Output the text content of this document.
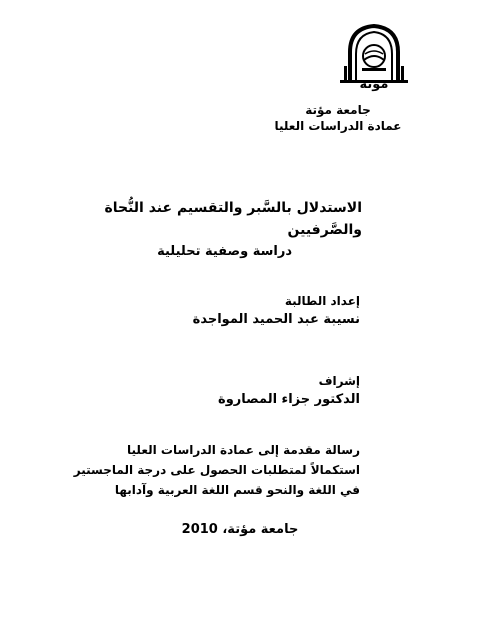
مؤتة
جامعة مؤتة
عمادة الدراسات العليا
الاستدلال بالسَّبر والتقسيم عند النُّحاة والصَّرفيين
دراسة وصفية تحليلية
إعداد الطالبة
نسيبة عبد الحميد المواجدة
إشراف
الدكتور جزاء المصاروة
رسالة مقدمة إلى عمادة الدراسات العليا
استكمالاً لمتطلبات الحصول على درجة الماجستير
في اللغة والنحو قسم اللغة العربية وآدابها
جامعة مؤتة، 2010
